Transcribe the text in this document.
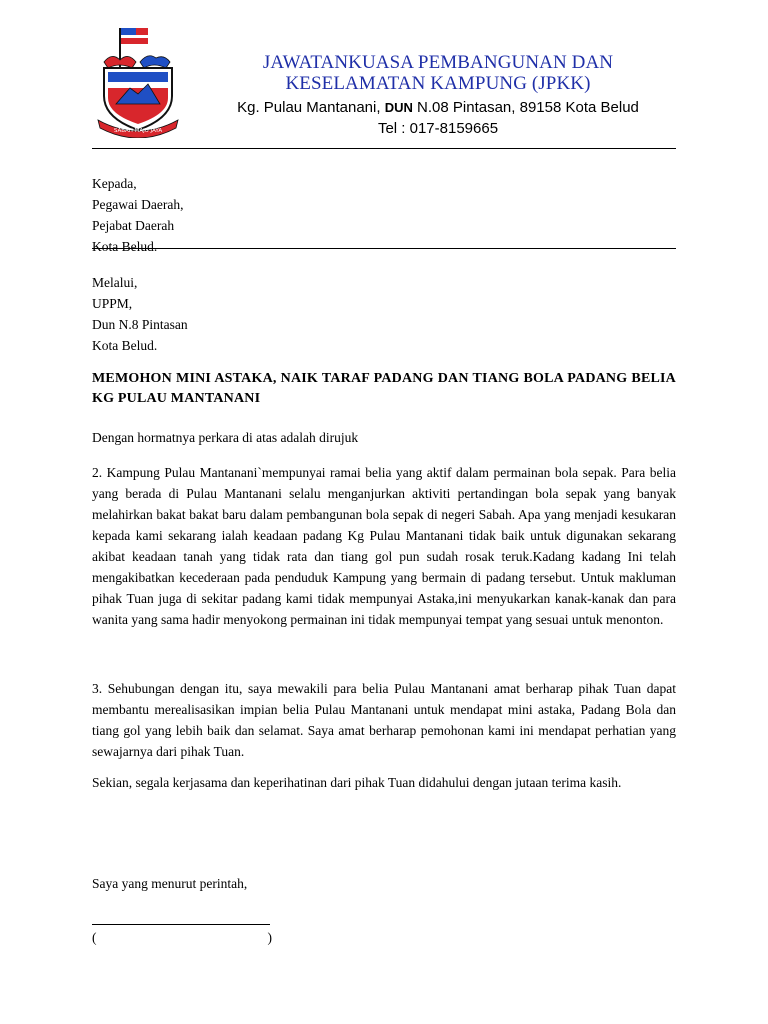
SABAH MAJU JAYA
JAWATANKUASA PEMBANGUNAN DAN
KESELAMATAN KAMPUNG (JPKK)
Kg. Pulau Mantanani, DUN N.08 Pintasan, 89158 Kota Belud
Tel : 017-8159665
Kepada,
Pegawai Daerah,
Pejabat Daerah
Kota Belud.
Melalui,
UPPM,
Dun N.8 Pintasan
Kota Belud.
MEMOHON MINI ASTAKA, NAIK TARAF PADANG DAN TIANG BOLA PADANG BELIA KG PULAU MANTANANI
Dengan hormatnya perkara di atas adalah dirujuk
2. Kampung Pulau Mantanani`mempunyai ramai belia yang aktif dalam permainan bola sepak. Para belia yang berada di Pulau Mantanani selalu menganjurkan aktiviti pertandingan bola sepak yang banyak melahirkan bakat bakat baru dalam pembangunan bola sepak di negeri Sabah. Apa yang menjadi kesukaran kepada kami sekarang ialah keadaan padang Kg Pulau Mantanani tidak baik untuk digunakan sekarang akibat keadaan tanah yang tidak rata dan tiang gol pun sudah rosak teruk.Kadang kadang Ini telah mengakibatkan kecederaan pada penduduk Kampung yang bermain di padang tersebut. Untuk makluman pihak Tuan juga di sekitar padang kami tidak mempunyai Astaka,ini menyukarkan kanak-kanak dan para wanita yang sama hadir menyokong permainan ini tidak mempunyai tempat yang sesuai untuk menonton.
3. Sehubungan dengan itu, saya mewakili para belia Pulau Mantanani amat berharap pihak Tuan dapat membantu merealisasikan impian belia Pulau Mantanani untuk mendapat mini astaka, Padang Bola dan tiang gol yang lebih baik dan selamat. Saya amat berharap pemohonan kami ini mendapat perhatian yang sewajarnya dari pihak Tuan.
Sekian, segala kerjasama dan keperihatinan dari pihak Tuan didahului dengan jutaan terima kasih.
Saya yang menurut perintah,
(	)
